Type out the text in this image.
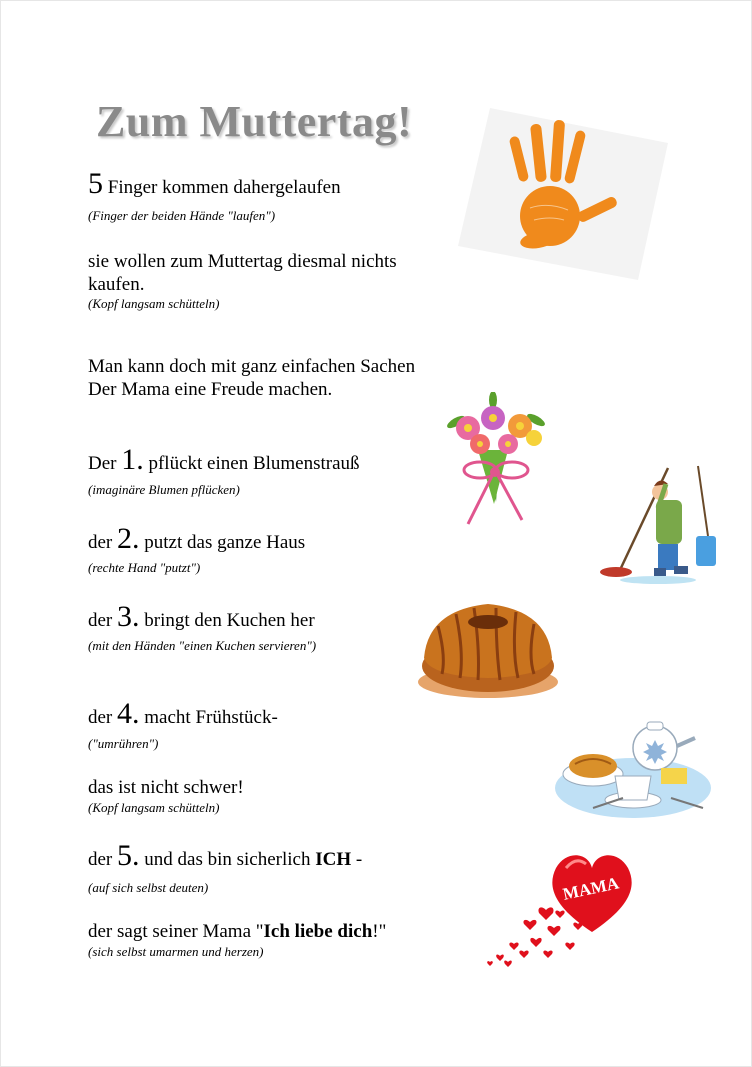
Zum Muttertag!

5 Finger kommen dahergelaufen

(Finger der beiden Hände "laufen")

sie wollen zum Muttertag diesmal nichts

kaufen.

(Kopf langsam schütteln)

Man kann doch mit ganz einfachen Sachen

Der Mama eine Freude machen.

Der 1. pflückt einen Blumenstrauß

(imaginäre Blumen pflücken)

der 2. putzt das ganze Haus

(rechte Hand "putzt")

der 3. bringt den Kuchen her

(mit den Händen "einen Kuchen servieren")

der 4. macht Frühstück-

("umrühren")

das ist nicht schwer!

(Kopf langsam schütteln)

der 5. und das bin sicherlich ICH -

(auf sich selbst deuten)

der sagt seiner Mama "Ich liebe dich!"

(sich selbst umarmen und herzen)

MAMA
